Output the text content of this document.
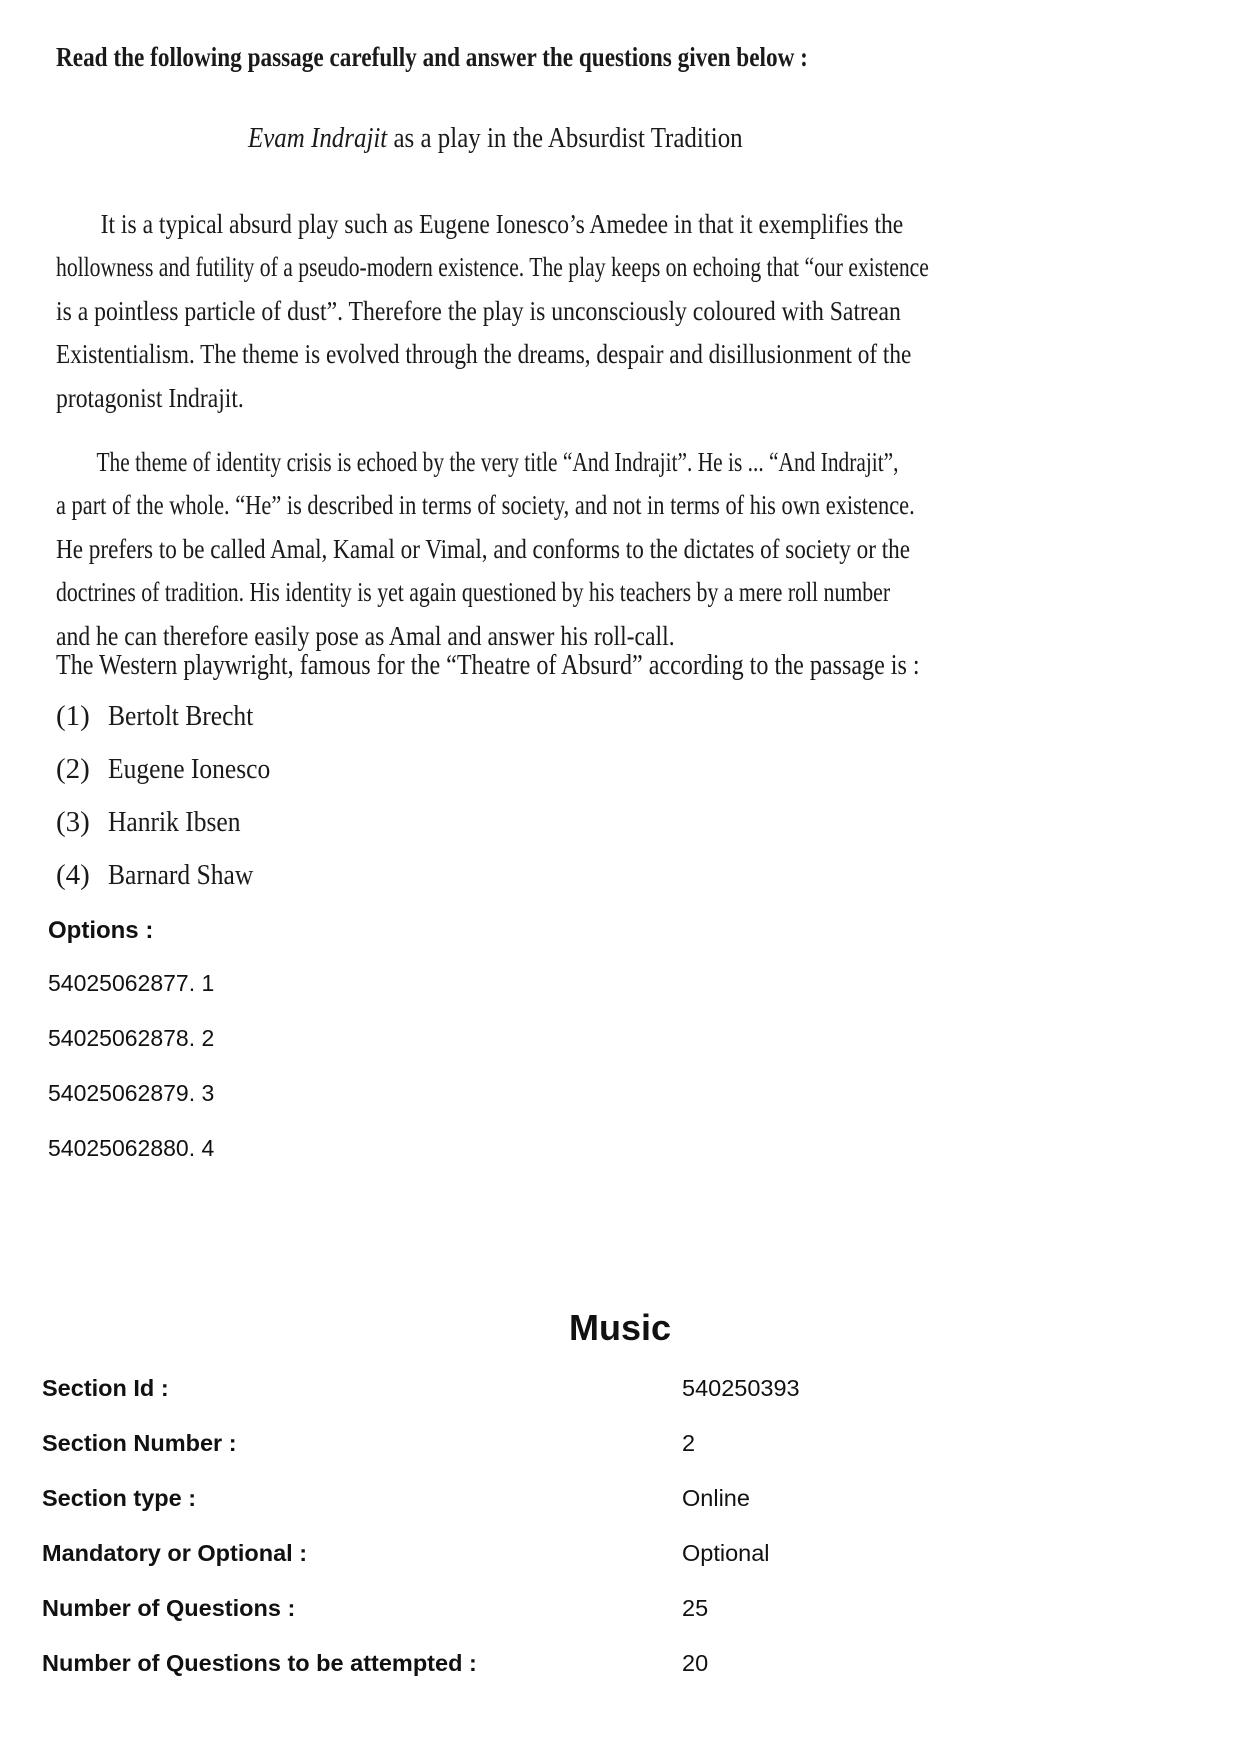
Read the following passage carefully and answer the questions given below :
Evam Indrajit as a play in the Absurdist Tradition
It is a typical absurd play such as Eugene Ionesco’s Amedee in that it exemplifies the
hollowness and futility of a pseudo-modern existence. The play keeps on echoing that “our existence
is a pointless particle of dust”. Therefore the play is unconsciously coloured with Satrean
Existentialism. The theme is evolved through the dreams, despair and disillusionment of the
protagonist Indrajit.
The theme of identity crisis is echoed by the very title “And Indrajit”. He is ... “And Indrajit”,
a part of the whole. “He” is described in terms of society, and not in terms of his own existence.
He prefers to be called Amal, Kamal or Vimal, and conforms to the dictates of society or the
doctrines of tradition. His identity is yet again questioned by his teachers by a mere roll number
and he can therefore easily pose as Amal and answer his roll-call.
The Western playwright, famous for the “Theatre of Absurd” according to the passage is :
(1) Bertolt Brecht
(2) Eugene Ionesco
(3) Hanrik Ibsen
(4) Barnard Shaw
Options :
54025062877. 1
54025062878. 2
54025062879. 3
54025062880. 4
Music
Section Id :	540250393
Section Number :	2
Section type :	Online
Mandatory or Optional :	Optional
Number of Questions :	25
Number of Questions to be attempted :	20
